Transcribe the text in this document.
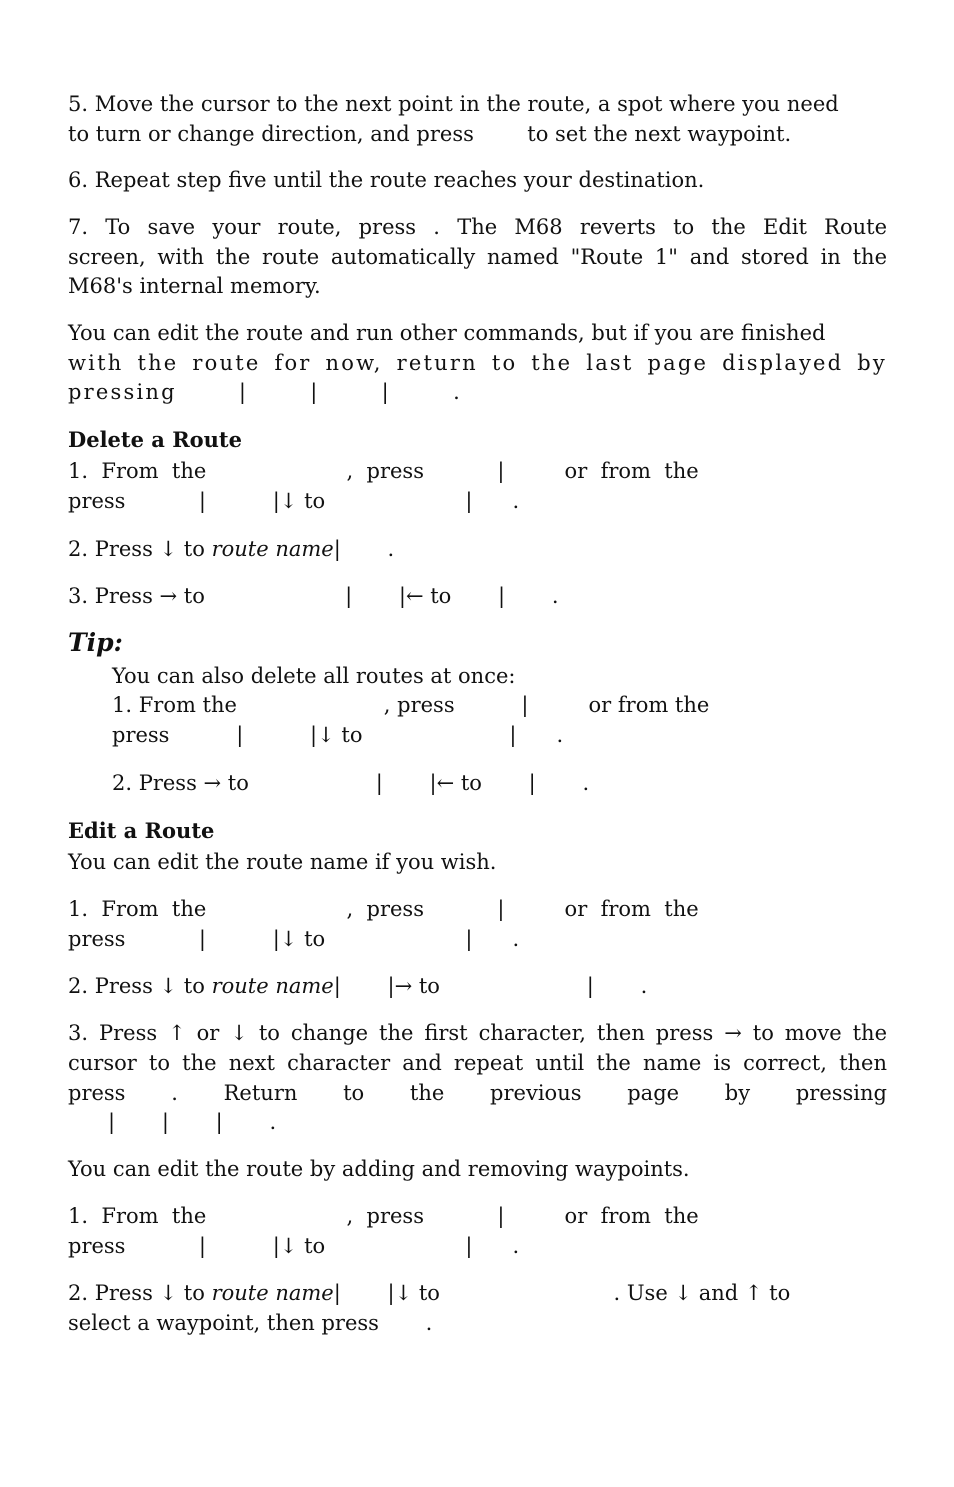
5. Move the cursor to the next point in the route, a spot where you need

to turn or change direction, and press        to set the next waypoint.

6. Repeat step five until the route reaches your destination.

7. To save your route, press . The M68 reverts to the Edit Route

screen, with the route automatically named "Route 1" and stored in the

M68's internal memory.

You can edit the route and run other commands, but if you are finished

with the route for now, return to the last page displayed by

pressing       |       |       |       .

Delete a Route

1.  From  the                     ,  press           |         or  from  the

press           |          |↓ to                     |      .

2. Press ↓ to route name|       .

3. Press → to                     |       |← to       |       .

Tip:

You can also delete all routes at once:

1. From the                      , press          |         or from the

press          |          |↓ to                      |      .

2. Press → to                   |       |← to       |       .

Edit a Route

You can edit the route name if you wish.

1.  From  the                     ,  press           |         or  from  the

press           |          |↓ to                     |      .

2. Press ↓ to route name|       |→ to                      |       .

3. Press ↑ or ↓ to change the first character, then press → to move the

cursor to the next character and repeat until the name is correct, then

press . Return to the previous page by pressing

|       |       |       .

You can edit the route by adding and removing waypoints.

1.  From  the                     ,  press           |         or  from  the

press           |          |↓ to                     |      .

2. Press ↓ to route name|       |↓ to                          . Use ↓ and ↑ to

select a waypoint, then press       .
